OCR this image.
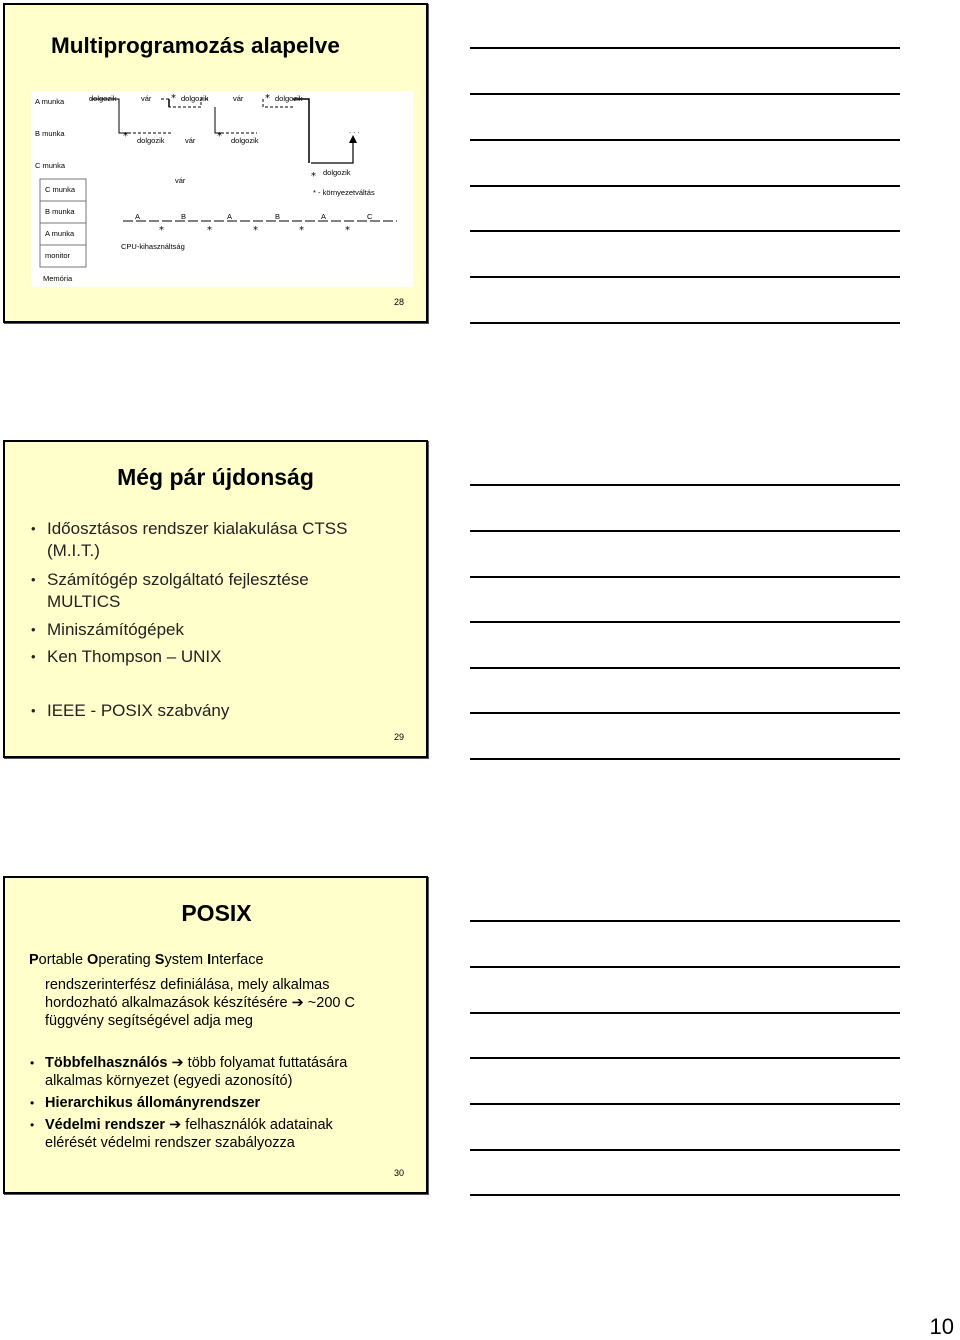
Multiprogramozás alapelve
*	*
*	*
*
*	*	*	*	*
A munka
B munka
C munka
dolgozik	vár	dolgozik	vár	dolgozik
dolgozik	vár	dolgozik
vár
dolgozik
* - környezetváltás
. . .
A	B	A	B	A	C
CPU-kihasználtság
C munka
B munka
A munka
monitor
Memória
28
Még pár újdonság
• Időosztásos rendszer kialakulása CTSS
(M.I.T.)
• Számítógép szolgáltató fejlesztése
MULTICS
• Miniszámítógépek
• Ken Thompson – UNIX
• IEEE - POSIX szabvány
29
POSIX
Portable Operating System Interface
rendszerinterfész definiálása, mely alkalmas
hordozható alkalmazások készítésére ➔ ~200 C
függvény segítségével adja meg
• Többfelhasználós ➔ több folyamat futtatására
alkalmas környezet (egyedi azonosító)
• Hierarchikus állományrendszer
• Védelmi rendszer ➔ felhasználók adatainak
elérését védelmi rendszer szabályozza
30
10
